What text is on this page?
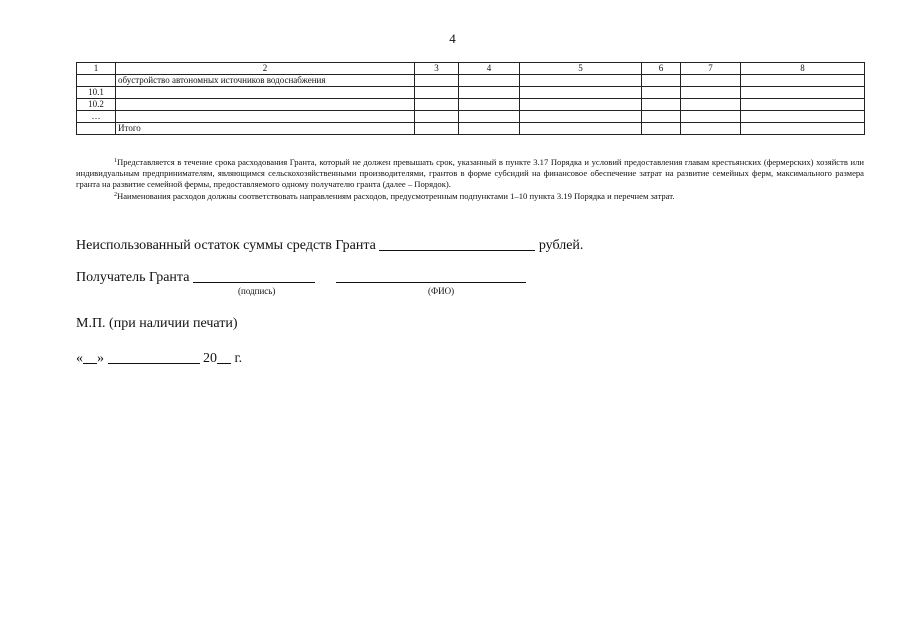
4
1	2	3	4	5	6	7	8
	обустройство автономных источников водоснабжения						
10.1							
10.2							
…							
	Итого						

$^1$Представляется в течение срока расходования Гранта, который не должен превышать срок, указанный в пункте 3.17 Порядка и условий предоставления главам крестьянских (фермерских) хозяйств или индивидуальным предпринимателям, являющимся сельскохозяйственными производителями, грантов в форме субсидий на финансовое обеспечение затрат на развитие семейных ферм, максимального размера гранта на развитие семейной фермы, предоставляемого одному получателю гранта (далее – Порядок).

$^2$Наименования расходов должны соответствовать направлениям расходов, предусмотренным подпунктами 1–10 пункта 3.19 Порядка и перечнем затрат.

Неиспользованный остаток суммы средств Гранта	рублей.
Получатель Гранта
(подпись)	(ФИО)
М.П. (при наличии печати)
« »	20 г.
